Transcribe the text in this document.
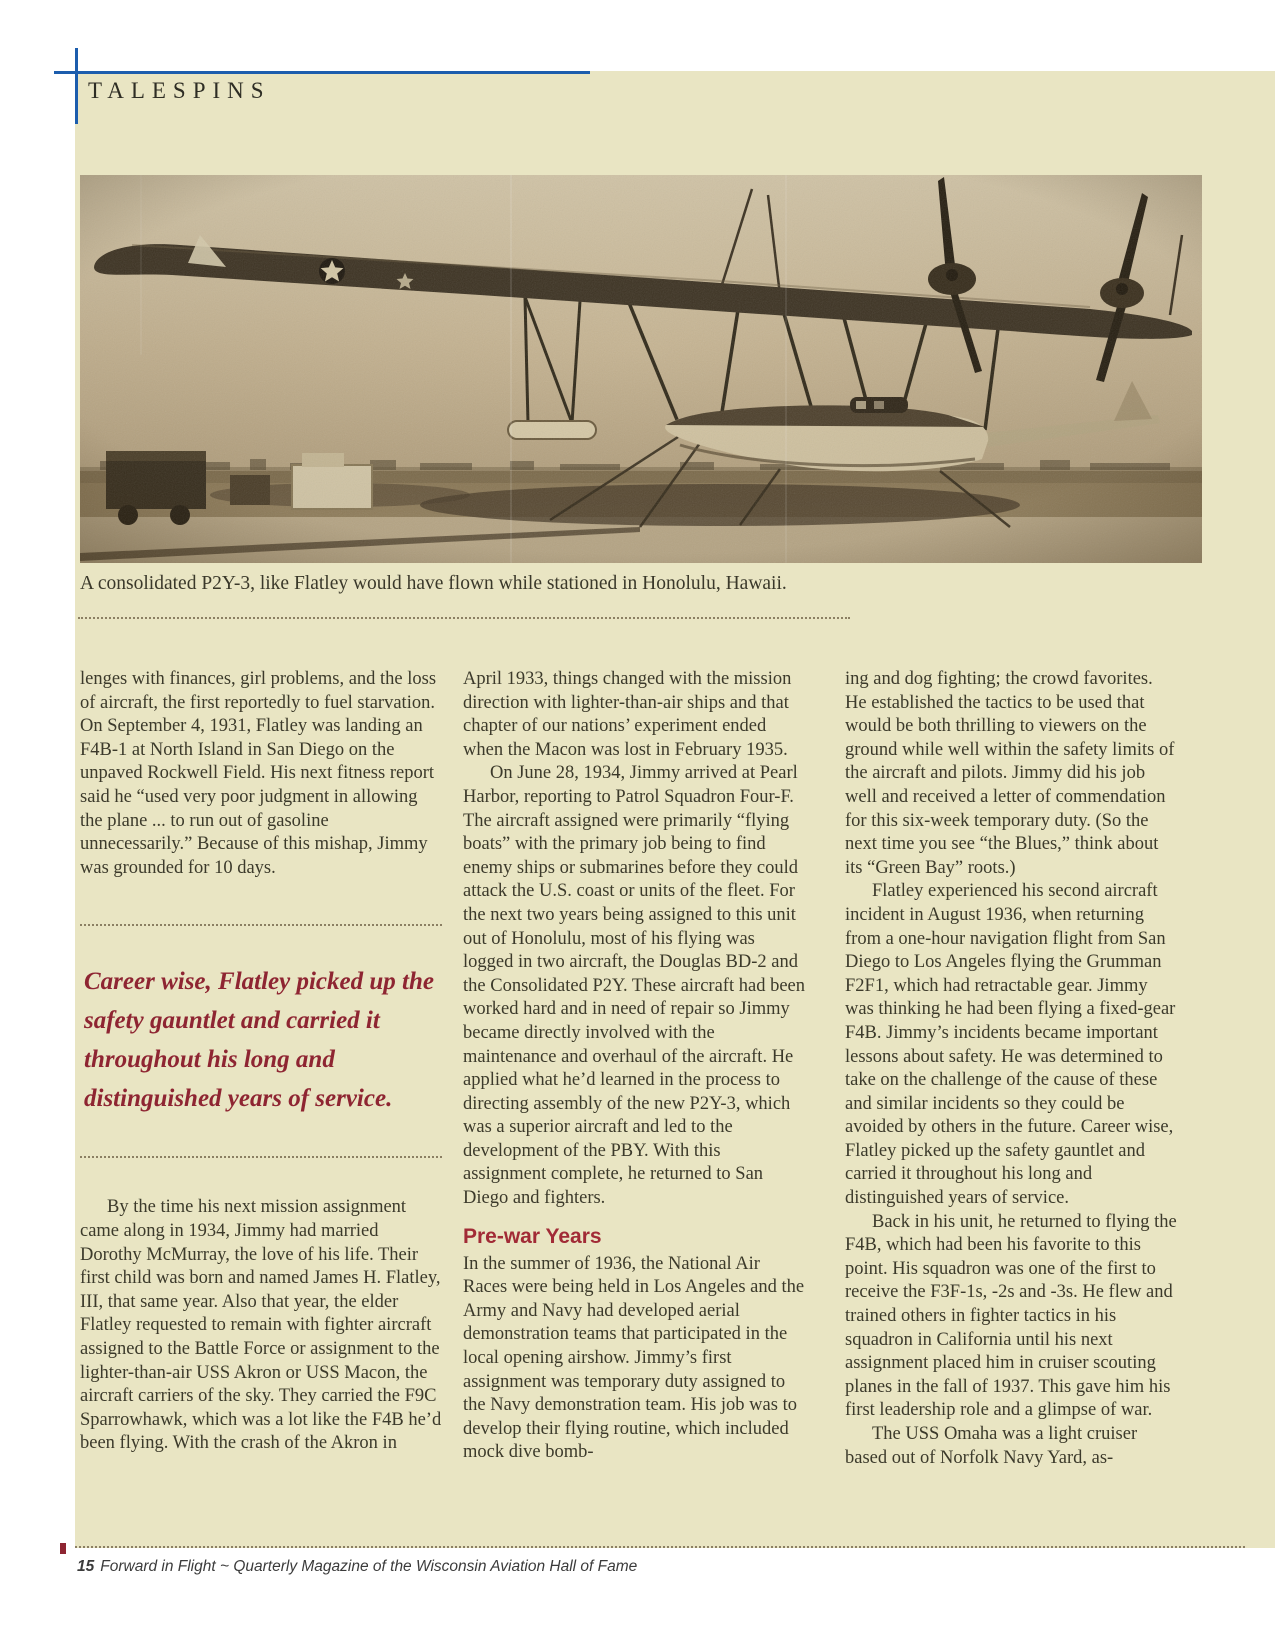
TALESPINS
A consolidated P2Y-3, like Flatley would have flown while stationed in Honolulu, Hawaii.

lenges with finances, girl problems, and the loss of aircraft, the first reportedly to fuel starvation. On September 4, 1931, Flatley was landing an F4B-1 at North Island in San Diego on the unpaved Rockwell Field. His next fitness report said he “used very poor judgment in allowing the plane ... to run out of gasoline unnecessarily.” Because of this mishap, Jimmy was grounded for 10 days.

Career wise, Flatley picked up the safety gauntlet and carried it throughout his long and distinguished years of service.

By the time his next mission assignment came along in 1934, Jimmy had married Dorothy McMurray, the love of his life. Their first child was born and named James H. Flatley, III, that same year. Also that year, the elder Flatley requested to remain with fighter aircraft assigned to the Battle Force or assignment to the lighter-than-air USS Akron or USS Macon, the aircraft carriers of the sky. They carried the F9C Sparrowhawk, which was a lot like the F4B he’d been flying. With the crash of the Akron in

April 1933, things changed with the mission direction with lighter-than-air ships and that chapter of our nations’ experiment ended when the Macon was lost in February 1935.

On June 28, 1934, Jimmy arrived at Pearl Harbor, reporting to Patrol Squadron Four-F. The aircraft assigned were primarily “flying boats” with the primary job being to find enemy ships or submarines before they could attack the U.S. coast or units of the fleet. For the next two years being assigned to this unit out of Honolulu, most of his flying was logged in two aircraft, the Douglas BD-2 and the Consolidated P2Y. These aircraft had been worked hard and in need of repair so Jimmy became directly involved with the maintenance and overhaul of the aircraft. He applied what he’d learned in the process to directing assembly of the new P2Y-3, which was a superior aircraft and led to the development of the PBY. With this assignment complete, he returned to San Diego and fighters.

Pre-war Years

In the summer of 1936, the National Air Races were being held in Los Angeles and the Army and Navy had developed aerial demonstration teams that participated in the local opening airshow. Jimmy’s first assignment was temporary duty assigned to the Navy demonstration team. His job was to develop their flying routine, which included mock dive bomb-

ing and dog fighting; the crowd favorites. He established the tactics to be used that would be both thrilling to viewers on the ground while well within the safety limits of the aircraft and pilots. Jimmy did his job well and received a letter of commendation for this six-week temporary duty. (So the next time you see “the Blues,” think about its “Green Bay” roots.)

Flatley experienced his second aircraft incident in August 1936, when returning from a one-hour navigation flight from San Diego to Los Angeles flying the Grumman F2F1, which had retractable gear. Jimmy was thinking he had been flying a fixed-gear F4B. Jimmy’s incidents became important lessons about safety. He was determined to take on the challenge of the cause of these and similar incidents so they could be avoided by others in the future. Career wise, Flatley picked up the safety gauntlet and carried it throughout his long and distinguished years of service.

Back in his unit, he returned to flying the F4B, which had been his favorite to this point. His squadron was one of the first to receive the F3F-1s, -2s and -3s. He flew and trained others in fighter tactics in his squadron in California until his next assignment placed him in cruiser scouting planes in the fall of 1937. This gave him his first leadership role and a glimpse of war.

The USS Omaha was a light cruiser based out of Norfolk Navy Yard, as-

15 Forward in Flight ~ Quarterly Magazine of the Wisconsin Aviation Hall of Fame
